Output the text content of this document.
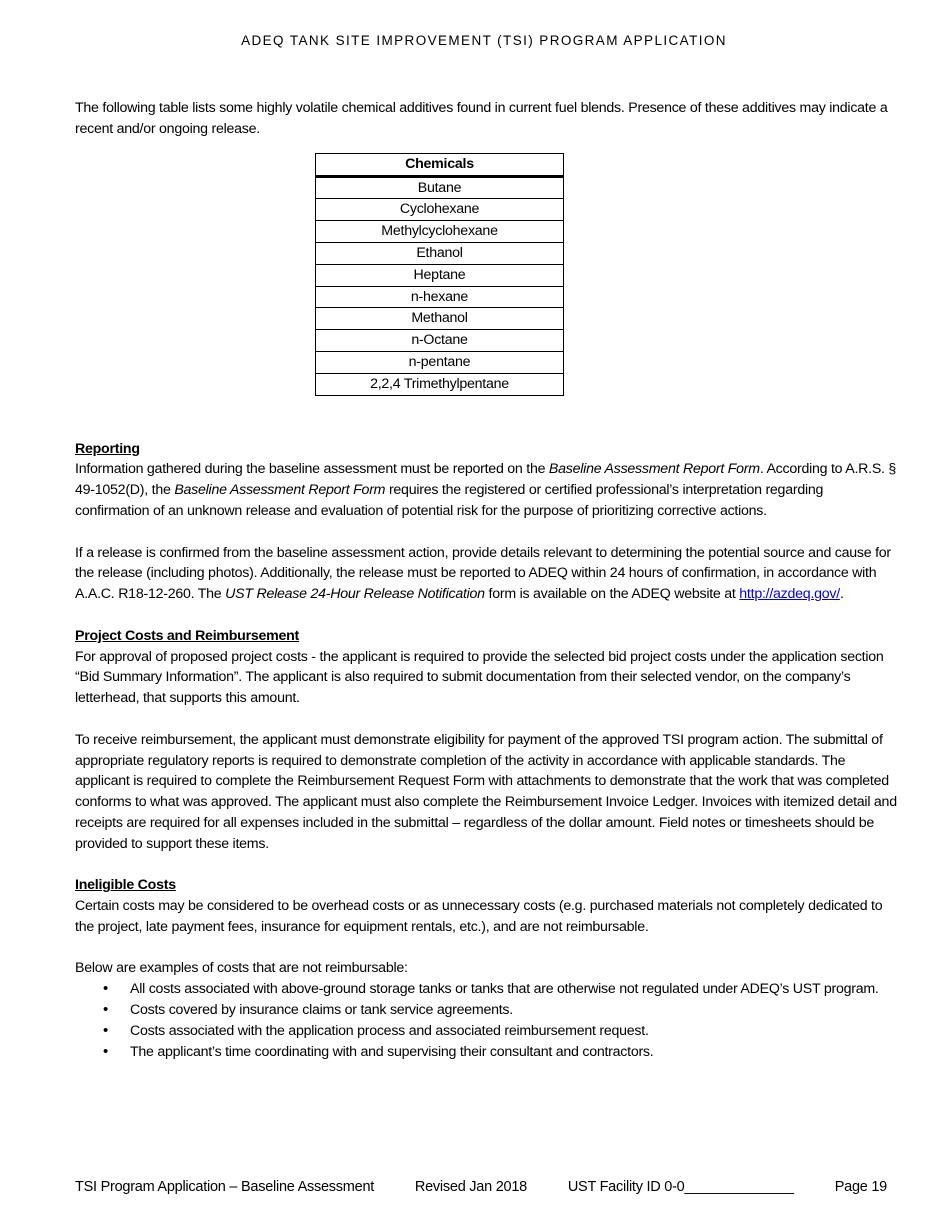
ADEQ TANK SITE IMPROVEMENT (TSI) PROGRAM APPLICATION

The following table lists some highly volatile chemical additives found in current fuel blends. Presence of these additives may indicate a recent and/or ongoing release.

Chemicals
Butane
Cyclohexane
Methylcyclohexane
Ethanol
Heptane
n-hexane
Methanol
n-Octane
n-pentane
2,2,4 Trimethylpentane

Reporting

Information gathered during the baseline assessment must be reported on the Baseline Assessment Report Form. According to A.R.S. § 49-1052(D), the Baseline Assessment Report Form requires the registered or certified professional’s interpretation regarding confirmation of an unknown release and evaluation of potential risk for the purpose of prioritizing corrective actions.

If a release is confirmed from the baseline assessment action, provide details relevant to determining the potential source and cause for the release (including photos). Additionally, the release must be reported to ADEQ within 24 hours of confirmation, in accordance with A.A.C. R18-12-260. The UST Release 24-Hour Release Notification form is available on the ADEQ website at http://azdeq.gov/.

Project Costs and Reimbursement

For approval of proposed project costs - the applicant is required to provide the selected bid project costs under the application section “Bid Summary Information”. The applicant is also required to submit documentation from their selected vendor, on the company’s letterhead, that supports this amount.

To receive reimbursement, the applicant must demonstrate eligibility for payment of the approved TSI program action. The submittal of appropriate regulatory reports is required to demonstrate completion of the activity in accordance with applicable standards. The applicant is required to complete the Reimbursement Request Form with attachments to demonstrate that the work that was completed conforms to what was approved. The applicant must also complete the Reimbursement Invoice Ledger. Invoices with itemized detail and receipts are required for all expenses included in the submittal – regardless of the dollar amount. Field notes or timesheets should be provided to support these items.

Ineligible Costs

Certain costs may be considered to be overhead costs or as unnecessary costs (e.g. purchased materials not completely dedicated to the project, late payment fees, insurance for equipment rentals, etc.), and are not reimbursable.

Below are examples of costs that are not reimbursable:

• All costs associated with above-ground storage tanks or tanks that are otherwise not regulated under ADEQ’s UST program.
• Costs covered by insurance claims or tank service agreements.
• Costs associated with the application process and associated reimbursement request.
• The applicant’s time coordinating with and supervising their consultant and contractors.
TSI Program Application – Baseline Assessment	Revised Jan 2018	UST Facility ID 0-0______________	Page 19
